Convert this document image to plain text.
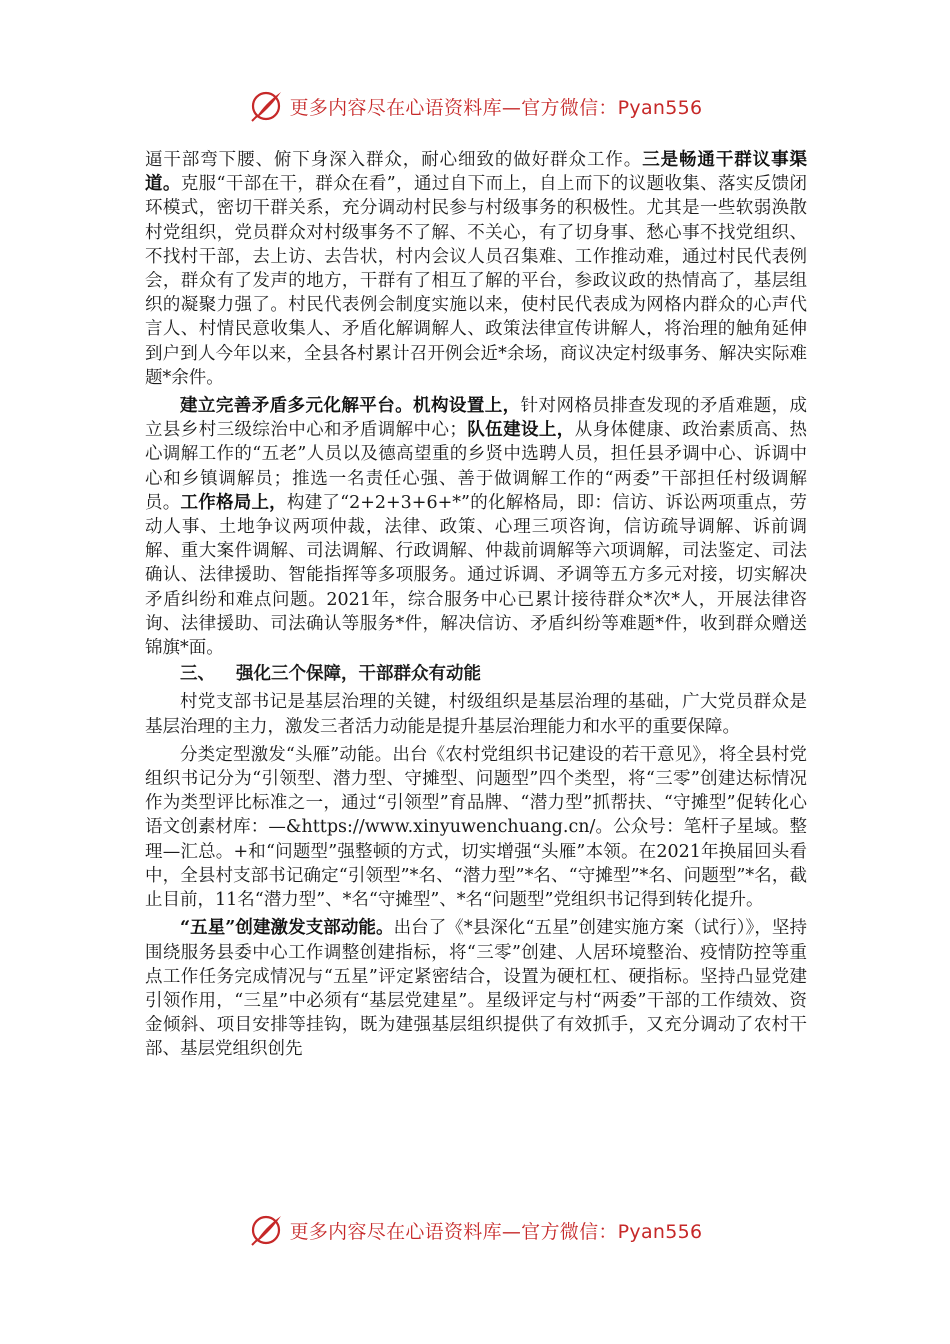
更多内容尽在心语资料库—官方微信：Pyan556

逼干部弯下腰、俯下身深入群众，耐心细致的做好群众工作。三是畅通干群议事渠道。克服“干部在干，群众在看”，通过自下而上，自上而下的议题收集、落实反馈闭环模式，密切干群关系，充分调动村民参与村级事务的积极性。尤其是一些软弱涣散村党组织，党员群众对村级事务不了解、不关心，有了切身事、愁心事不找党组织、不找村干部，去上访、去告状，村内会议人员召集难、工作推动难，通过村民代表例会，群众有了发声的地方，干群有了相互了解的平台，参政议政的热情高了，基层组织的凝聚力强了。村民代表例会制度实施以来，使村民代表成为网格内群众的心声代言人、村情民意收集人、矛盾化解调解人、政策法律宣传讲解人，将治理的触角延伸到户到人今年以来，全县各村累计召开例会近*余场，商议决定村级事务、解决实际难题*余件。

建立完善矛盾多元化解平台。机构设置上，针对网格员排查发现的矛盾难题，成立县乡村三级综治中心和矛盾调解中心；队伍建设上，从身体健康、政治素质高、热心调解工作的“五老”人员以及德高望重的乡贤中选聘人员，担任县矛调中心、诉调中心和乡镇调解员；推选一名责任心强、善于做调解工作的“两委”干部担任村级调解员。工作格局上，构建了“2+2+3+6+*”的化解格局，即：信访、诉讼两项重点，劳动人事、土地争议两项仲裁，法律、政策、心理三项咨询，信访疏导调解、诉前调解、重大案件调解、司法调解、行政调解、仲裁前调解等六项调解，司法鉴定、司法确认、法律援助、智能指挥等多项服务。通过诉调、矛调等五方多元对接，切实解决矛盾纠纷和难点问题。2021年，综合服务中心已累计接待群众*次*人，开展法律咨询、法律援助、司法确认等服务*件，解决信访、矛盾纠纷等难题*件，收到群众赠送锦旗*面。

三、 强化三个保障，干部群众有动能

村党支部书记是基层治理的关键，村级组织是基层治理的基础，广大党员群众是基层治理的主力，激发三者活力动能是提升基层治理能力和水平的重要保障。

分类定型激发“头雁”动能。出台《农村党组织书记建设的若干意见》，将全县村党组织书记分为“引领型、潜力型、守摊型、问题型”四个类型，将“三零”创建达标情况作为类型评比标准之一，通过“引领型”育品牌、“潜力型”抓帮扶、“守摊型”促转化心语文创素材库：—&https://www.xinyuwenchuang.cn/。公众号：笔杆子星域。整理—汇总。+和“问题型”强整顿的方式，切实增强“头雁”本领。在2021年换届回头看中，全县村支部书记确定“引领型”*名、“潜力型”*名、“守摊型”*名、问题型”*名，截止目前，11名“潜力型”、*名“守摊型”、*名“问题型”党组织书记得到转化提升。

“五星”创建激发支部动能。出台了《*县深化“五星”创建实施方案（试行）》，坚持围绕服务县委中心工作调整创建指标，将“三零”创建、人居环境整治、疫情防控等重点工作任务完成情况与“五星”评定紧密结合，设置为硬杠杠、硬指标。坚持凸显党建引领作用，“三星”中必须有“基层党建星”。星级评定与村“两委”干部的工作绩效、资金倾斜、项目安排等挂钩，既为建强基层组织提供了有效抓手，又充分调动了农村干部、基层党组织创先

更多内容尽在心语资料库—官方微信：Pyan556
